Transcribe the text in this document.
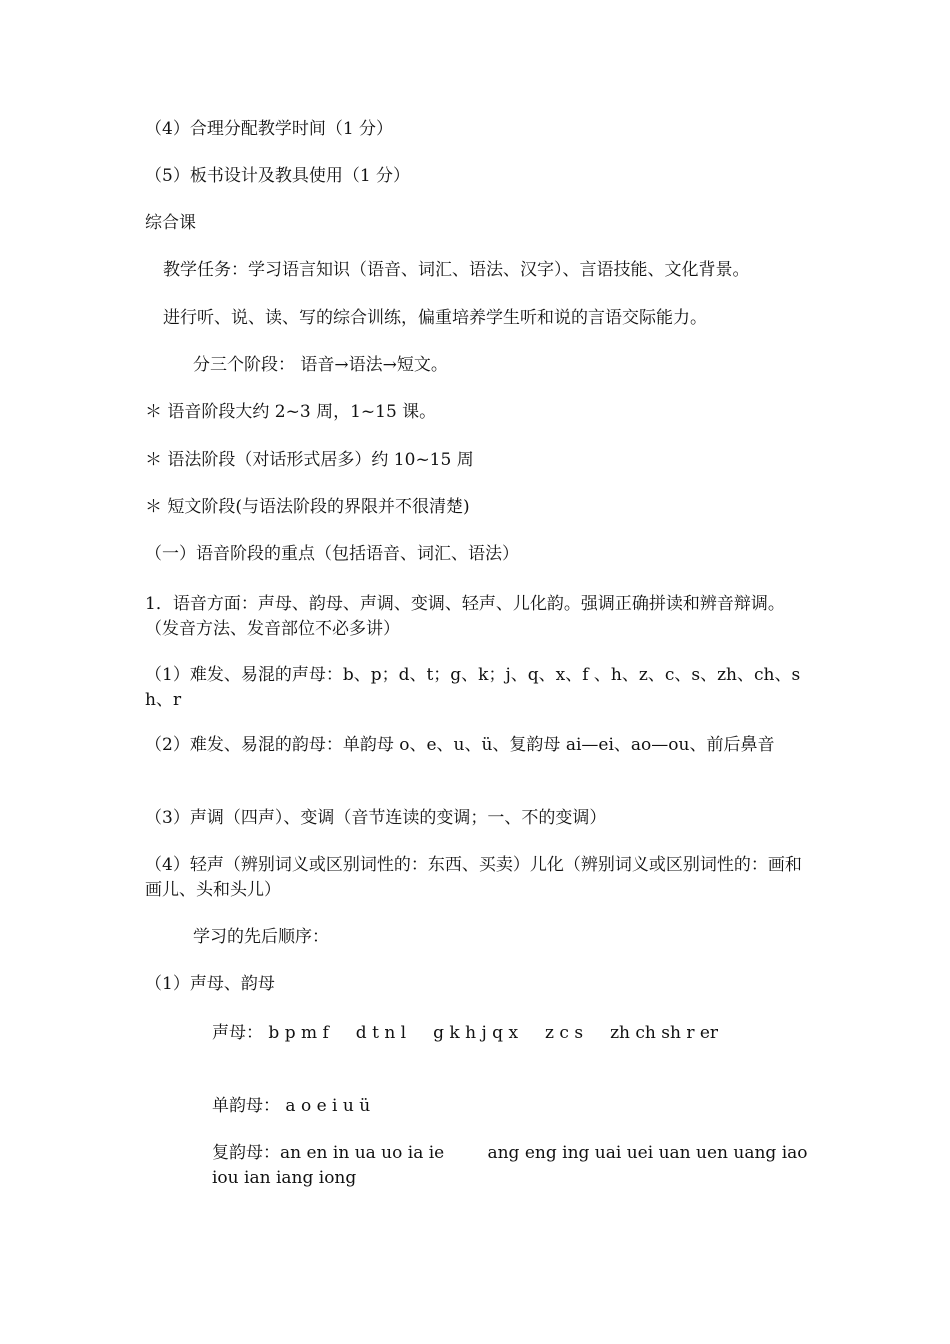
（4）合理分配教学时间（1 分）
（5）板书设计及教具使用（1 分）
综合课
教学任务：学习语言知识（语音、词汇、语法、汉字）、言语技能、文化背景。
进行听、说、读、写的综合训练，偏重培养学生听和说的言语交际能力。
分三个阶段： 语音→语法→短文。
＊ 语音阶段大约 2~3 周，1~15 课。
＊ 语法阶段（对话形式居多）约 10~15 周
＊ 短文阶段(与语法阶段的界限并不很清楚)
（一）语音阶段的重点（包括语音、词汇、语法）
1．语音方面：声母、韵母、声调、变调、轻声、儿化韵。强调正确拼读和辨音辩调。（发音方法、发音部位不必多讲）
（1）难发、易混的声母：b、p；d、t；g、k；j、q、x、f 、h、z、c、s、zh、ch、sh、r
（2）难发、易混的韵母：单韵母 o、e、u、ü、复韵母 ai—ei、ao—ou、前后鼻音
（3）声调（四声）、变调（音节连读的变调；一、不的变调）
（4）轻声（辨别词义或区别词性的：东西、买卖）儿化（辨别词义或区别词性的：画和画儿、头和头儿）
学习的先后顺序：
（1）声母、韵母
声母： b p m f     d t n l     g k h j q x     z c s     zh ch sh r er
单韵母： a o e i u ü
复韵母：an en in ua uo ia ie        ang eng ing uai uei uan uen uang iao iou ian iang iong
